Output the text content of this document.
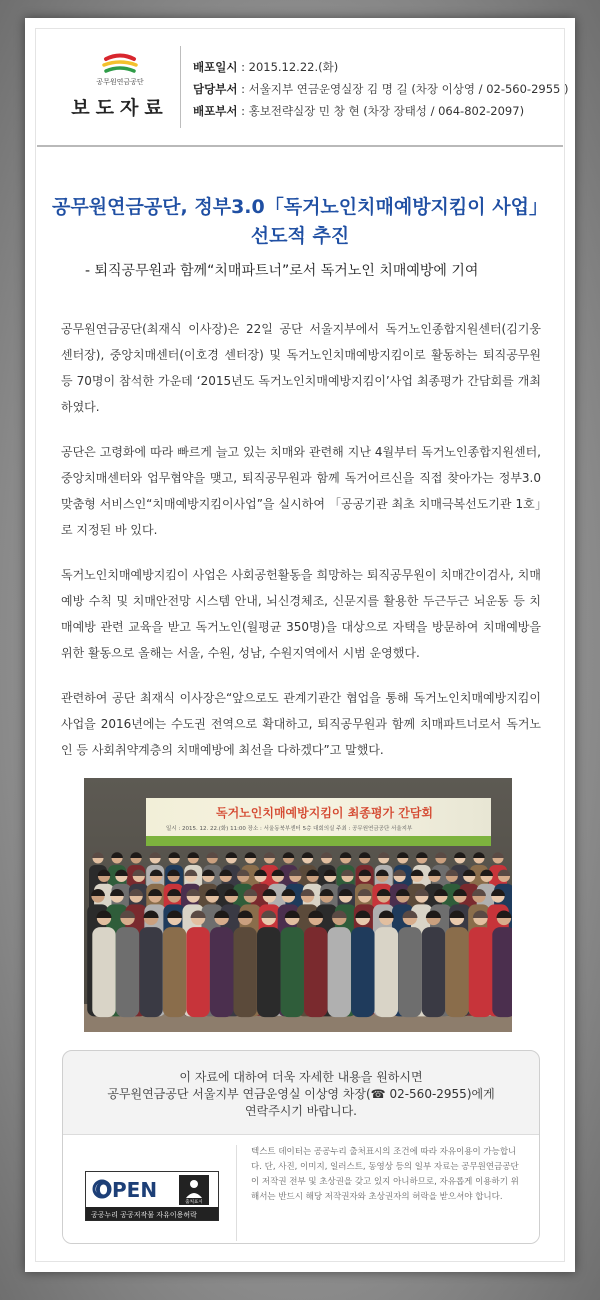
공무원연금공단
보도자료
배포일시 : 2015.12.22.(화)
담당부서 : 서울지부 연금운영실장 김 명 길 (차장 이상영 / 02-560-2955 )
배포부서 : 홍보전략실장 민 창 현 (차장 장태성 / 064-802-2097)
공무원연금공단, 정부3.0「독거노인치매예방지킴이 사업」
선도적 추진
- 퇴직공무원과 함께“치매파트너”로서 독거노인 치매예방에 기여

공무원연금공단(최재식 이사장)은 22일 공단 서울지부에서 독거노인종합지원센터(김기웅 센터장), 중앙치매센터(이호경 센터장) 및 독거노인치매예방지킴이로 활동하는 퇴직공무원 등 70명이 참석한 가운데 ‘2015년도 독거노인치매예방지킴이’사업 최종평가 간담회를 개최하였다.

공단은 고령화에 따라 빠르게 늘고 있는 치매와 관련해 지난 4월부터 독거노인종합지원센터, 중앙치매센터와 업무협약을 맺고, 퇴직공무원과 함께 독거어르신을 직접 찾아가는 정부3.0 맞춤형 서비스인“치매예방지킴이사업”을 실시하여 「공공기관 최초 치매극복선도기관 1호」로 지정된 바 있다.

독거노인치매예방지킴이 사업은 사회공헌활동을 희망하는 퇴직공무원이 치매간이검사, 치매예방 수칙 및 치매안전망 시스템 안내, 뇌신경체조, 신문지를 활용한 두근두근 뇌운동 등 치매예방 관련 교육을 받고 독거노인(월평균 350명)을 대상으로 자택을 방문하여 치매예방을 위한 활동으로 올해는 서울, 수원, 성남, 수원지역에서 시범 운영했다.

관련하여 공단 최재식 이사장은“앞으로도 관계기관간 협업을 통해 독거노인치매예방지킴이 사업을 2016년에는 수도권 전역으로 확대하고, 퇴직공무원과 함께 치매파트너로서 독거노인 등 사회취약계층의 치매예방에 최선을 다하겠다”고 말했다.

독거노인치매예방지킴이 최종평가 간담회
일시 : 2015. 12. 22.(화) 11:00 장소 : 서울동북부센터 5층 대회의실 주최 : 공무원연금공단 서울지부
이 자료에 대하여 더욱 자세한 내용을 원하시면
공무원연금공단 서울지부 연금운영실 이상영 차장(☎ 02-560-2955)에게
연락주시기 바랍니다.
OPEN
출처표시
공공누리 공공저작물 자유이용허락
텍스트 데이터는 공공누리 출처표시의 조건에 따라 자유이용이 가능합니다. 단, 사진, 이미지, 일러스트, 동영상 등의 일부 자료는 공무원연금공단이 저작권 전부 및 초상권을 갖고 있지 아니하므로, 자유롭게 이용하기 위해서는 반드시 해당 저작권자와 초상권자의 허락을 받으셔야 합니다.
